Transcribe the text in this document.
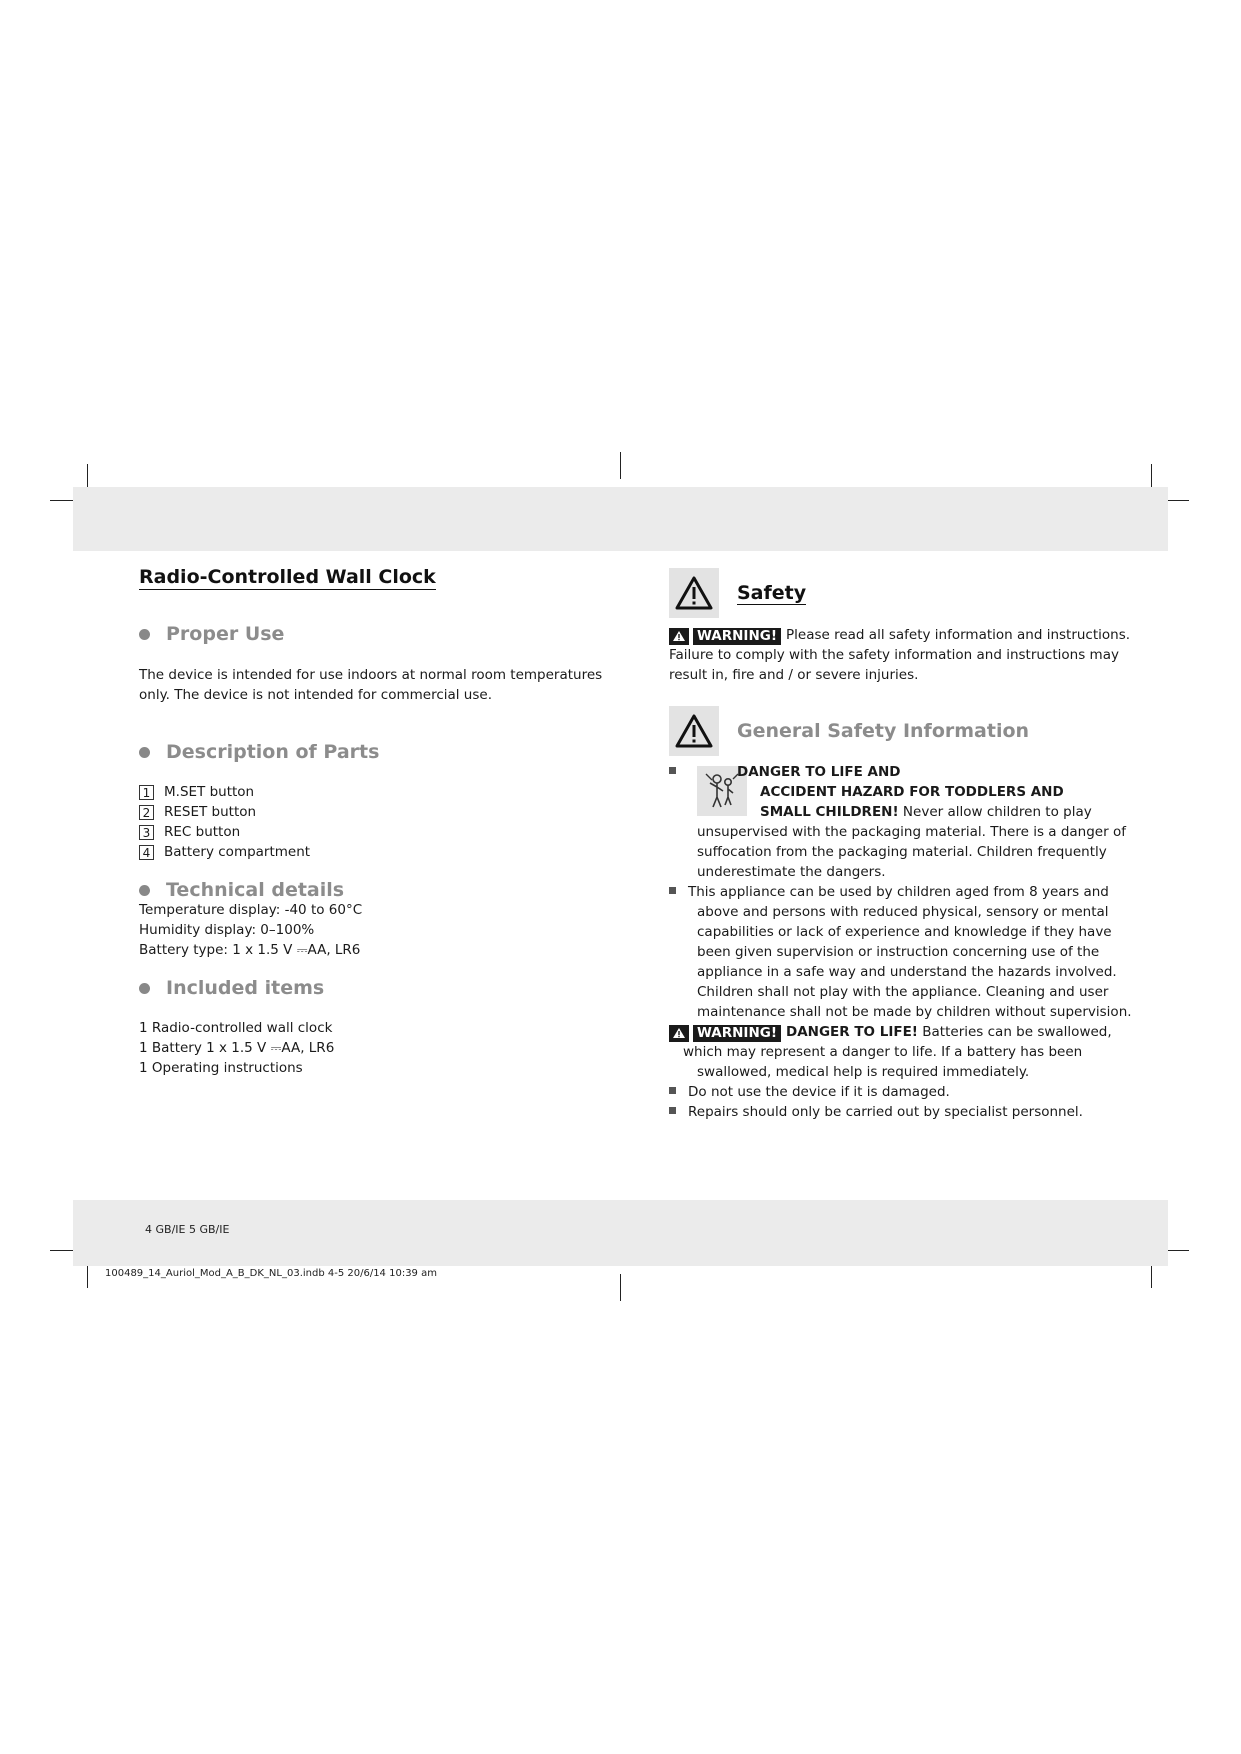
Radio-Controlled Wall Clock
Proper Use

The device is intended for use indoors at normal room temperatures

only. The device is not intended for commercial use.

Description of Parts
1 M.SET button
2 RESET button
3 REC button
4 Battery compartment
Technical details

Temperature display: -40 to 60°C

Humidity display: 0–100%

Battery type: 1 x 1.5 V ⎓AA, LR6

Included items

1 Radio-controlled wall clock

1 Battery 1 x 1.5 V ⎓AA, LR6

1 Operating instructions

Safety
WARNING! Please read all safety information and instructions.
Failure to comply with the safety information and instructions may
result in, fire and / or severe injuries.
General Safety Information
DANGER TO LIFE AND
ACCIDENT HAZARD FOR TODDLERS AND
SMALL CHILDREN! Never allow children to play
unsupervised with the packaging material. There is a danger of
suffocation from the packaging material. Children frequently
underestimate the dangers.
This appliance can be used by children aged from 8 years and
above and persons with reduced physical, sensory or mental
capabilities or lack of experience and knowledge if they have
been given supervision or instruction concerning use of the
appliance in a safe way and understand the hazards involved.
Children shall not play with the appliance. Cleaning and user
maintenance shall not be made by children without supervision.
WARNING! DANGER TO LIFE! Batteries can be swallowed,
which may represent a danger to life. If a battery has been
swallowed, medical help is required immediately.
Do not use the device if it is damaged.
Repairs should only be carried out by specialist personnel.
4 GB/IE 5 GB/IE
100489_14_Auriol_Mod_A_B_DK_NL_03.indb 4-5 20/6/14 10:39 am
